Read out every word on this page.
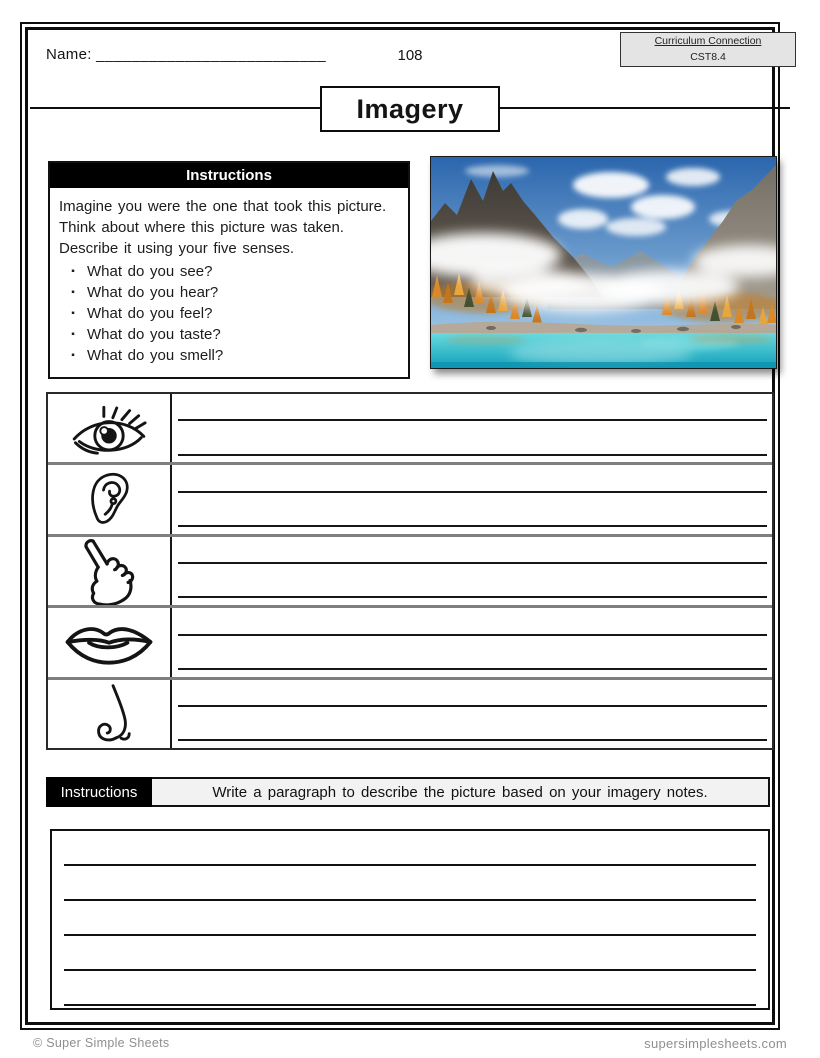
Name: __________________________	108
Curriculum Connection
CST8.4
Imagery
Instructions
Imagine you were the one that took this picture. Think about where this picture was taken. Describe it using your five senses.
▪ What do you see?
▪ What do you hear?
▪ What do you feel?
▪ What do you taste?
▪ What do you smell?
Instructions	Write a paragraph to describe the picture based on your imagery notes.
© Super Simple Sheets	supersimplesheets.com
